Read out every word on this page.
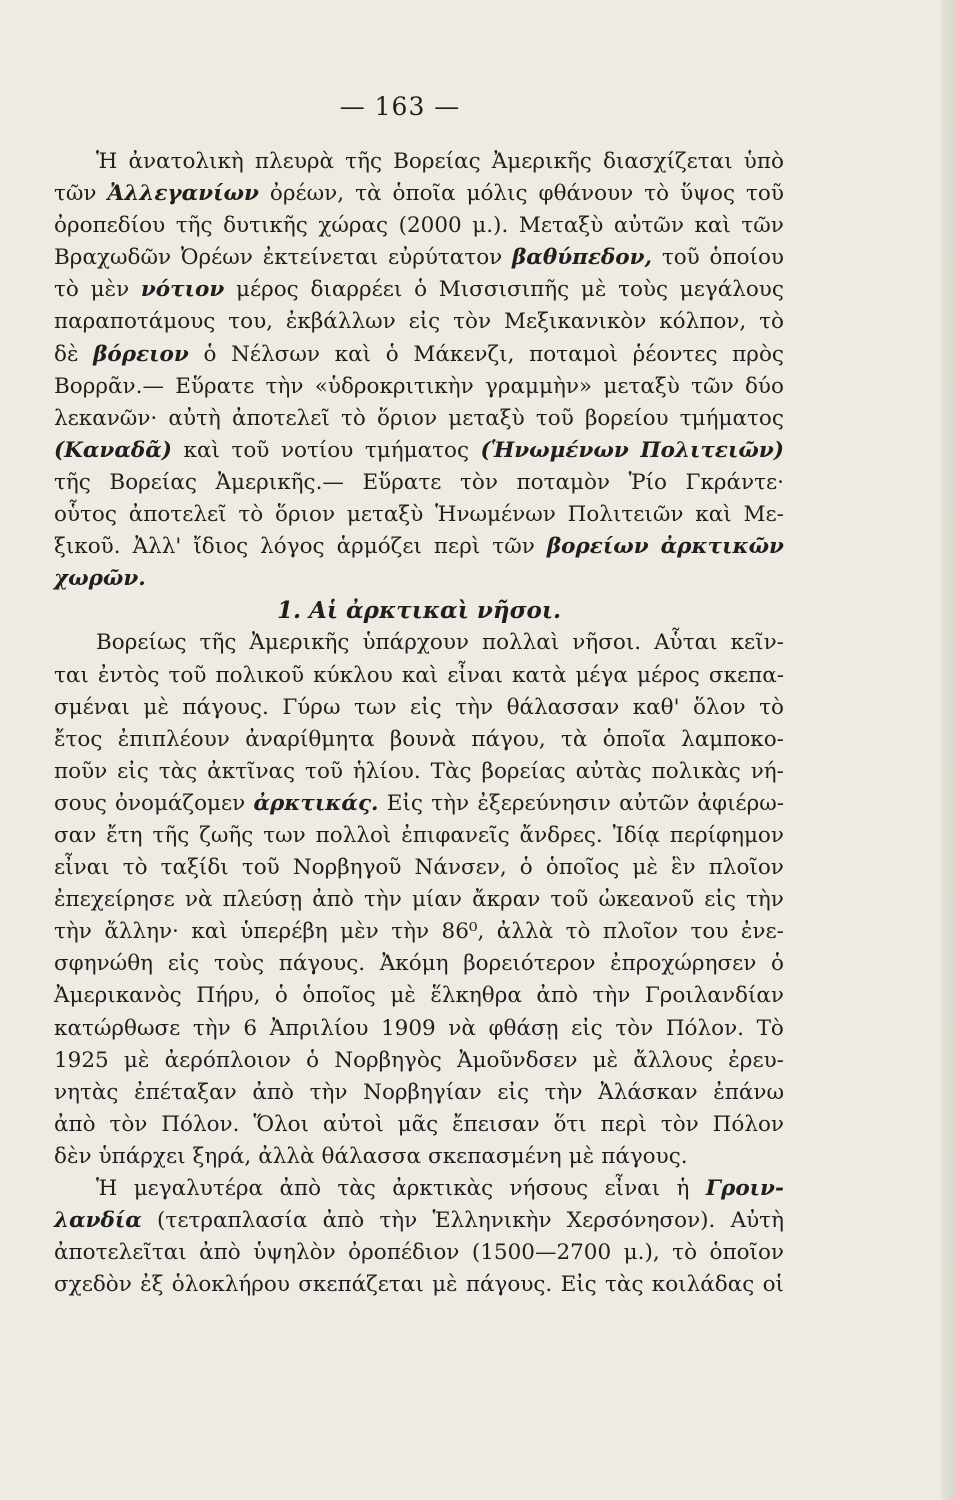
— 163 —
Ἡ ἀνατολικὴ πλευρὰ τῆς Βορείας Ἀμερικῆς διασχίζεται ὑπὸ
τῶν Ἀλλεγανίων ὀρέων, τὰ ὁποῖα μόλις φθάνουν τὸ ὕψος τοῦ
ὀροπεδίου τῆς δυτικῆς χώρας (2000 μ.). Μεταξὺ αὐτῶν καὶ τῶν
Βραχωδῶν Ὀρέων ἐκτείνεται εὐρύτατον βαθύπεδον, τοῦ ὁποίου
τὸ μὲν νότιον μέρος διαρρέει ὁ Μισσισιπῆς μὲ τοὺς μεγάλους
παραποτάμους του, ἐκβάλλων εἰς τὸν Μεξικανικὸν κόλπον, τὸ
δὲ βόρειον ὁ Νέλσων καὶ ὁ Μάκενζι, ποταμοὶ ῥέοντες πρὸς
Βορρᾶν.— Εὕρατε τὴν «ὑδροκριτικὴν γραμμὴν» μεταξὺ τῶν δύο
λεκανῶν· αὐτὴ ἀποτελεῖ τὸ ὅριον μεταξὺ τοῦ βορείου τμήματος
(Καναδᾶ) καὶ τοῦ νοτίου τμήματος (Ἡνωμένων Πολιτειῶν)
τῆς Βορείας Ἀμερικῆς.— Εὕρατε τὸν ποταμὸν Ῥίο Γκράντε·
οὗτος ἀποτελεῖ τὸ ὅριον μεταξὺ Ἡνωμένων Πολιτειῶν καὶ Με-
ξικοῦ. Ἀλλ' ἴδιος λόγος ἁρμόζει περὶ τῶν βορείων ἀρκτικῶν
χωρῶν.
1. Αἱ ἀρκτικαὶ νῆσοι.
Βορείως τῆς Ἀμερικῆς ὑπάρχουν πολλαὶ νῆσοι. Αὗται κεῖν-
ται ἐντὸς τοῦ πολικοῦ κύκλου καὶ εἶναι κατὰ μέγα μέρος σκεπα-
σμέναι μὲ πάγους. Γύρω των εἰς τὴν θάλασσαν καθ' ὅλον τὸ
ἔτος ἐπιπλέουν ἀναρίθμητα βουνὰ πάγου, τὰ ὁποῖα λαμποκο-
ποῦν εἰς τὰς ἀκτῖνας τοῦ ἡλίου. Τὰς βορείας αὐτὰς πολικὰς νή-
σους ὀνομάζομεν ἀρκτικάς. Εἰς τὴν ἐξερεύνησιν αὐτῶν ἀφιέρω-
σαν ἔτη τῆς ζωῆς των πολλοὶ ἐπιφανεῖς ἄνδρες. Ἰδίᾳ περίφημον
εἶναι τὸ ταξίδι τοῦ Νορβηγοῦ Νάνσεν, ὁ ὁποῖος μὲ ἓν πλοῖον
ἐπεχείρησε νὰ πλεύσῃ ἀπὸ τὴν μίαν ἄκραν τοῦ ὠκεανοῦ εἰς τὴν
τὴν ἄλλην· καὶ ὑπερέβη μὲν τὴν 86⁰, ἀλλὰ τὸ πλοῖον του ἐνε-
σφηνώθη εἰς τοὺς πάγους. Ἀκόμη βορειότερον ἐπροχώρησεν ὁ
Ἀμερικανὸς Πήρυ, ὁ ὁποῖος μὲ ἕλκηθρα ἀπὸ τὴν Γροιλανδίαν
κατώρθωσε τὴν 6 Ἀπριλίου 1909 νὰ φθάσῃ εἰς τὸν Πόλον. Τὸ
1925 μὲ ἀερόπλοιον ὁ Νορβηγὸς Ἀμοῦνδσεν μὲ ἄλλους ἐρευ-
νητὰς ἐπέταξαν ἀπὸ τὴν Νορβηγίαν εἰς τὴν Ἀλάσκαν ἐπάνω
ἀπὸ τὸν Πόλον. Ὅλοι αὐτοὶ μᾶς ἔπεισαν ὅτι περὶ τὸν Πόλον
δὲν ὑπάρχει ξηρά, ἀλλὰ θάλασσα σκεπασμένη μὲ πάγους.
Ἡ μεγαλυτέρα ἀπὸ τὰς ἀρκτικὰς νήσους εἶναι ἡ Γροιν-
λανδία (τετραπλασία ἀπὸ τὴν Ἑλληνικὴν Χερσόνησον). Αὐτὴ
ἀποτελεῖται ἀπὸ ὑψηλὸν ὀροπέδιον (1500—2700 μ.), τὸ ὁποῖον
σχεδὸν ἐξ ὁλοκλήρου σκεπάζεται μὲ πάγους. Εἰς τὰς κοιλάδας οἱ
